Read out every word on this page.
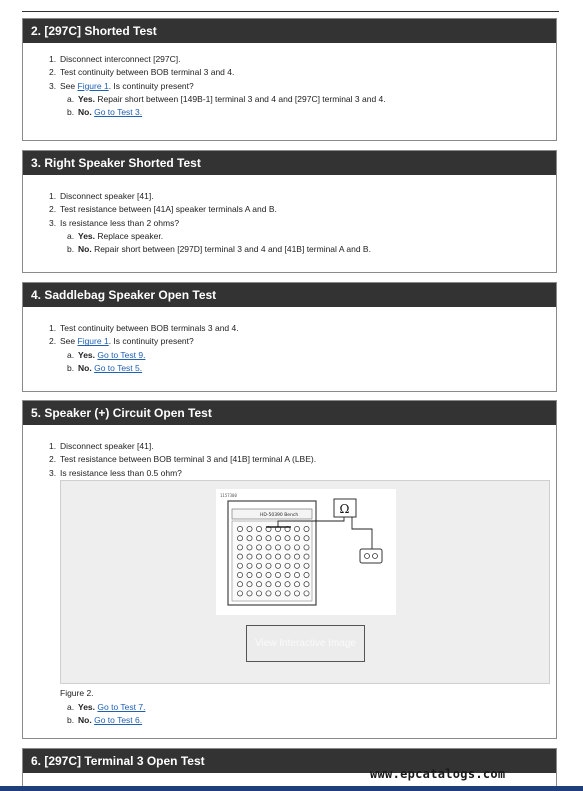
2. [297C] Shorted Test
1. Disconnect interconnect [297C].
2. Test continuity between BOB terminal 3 and 4.
3. See Figure 1. Is continuity present?
a. Yes. Repair short between [149B-1] terminal 3 and 4 and [297C] terminal 3 and 4.
b. No. Go to Test 3.
3. Right Speaker Shorted Test
1. Disconnect speaker [41].
2. Test resistance between [41A] speaker terminals A and B.
3. Is resistance less than 2 ohms?
a. Yes. Replace speaker.
b. No. Repair short between [297D] terminal 3 and 4 and [41B] terminal A and B.
4. Saddlebag Speaker Open Test
1. Test continuity between BOB terminals 3 and 4.
2. See Figure 1. Is continuity present?
a. Yes. Go to Test 9.
b. No. Go to Test 5.
5. Speaker (+) Circuit Open Test
1. Disconnect speaker [41].
2. Test resistance between BOB terminal 3 and [41B] terminal A (LBE).
3. Is resistance less than 0.5 ohm?
1157300
HD-50390 Bench	Ω
View Interactive Image
Figure 2.
a. Yes. Go to Test 7.
b. No. Go to Test 6.
6. [297C] Terminal 3 Open Test
www.epcatalogs.com
